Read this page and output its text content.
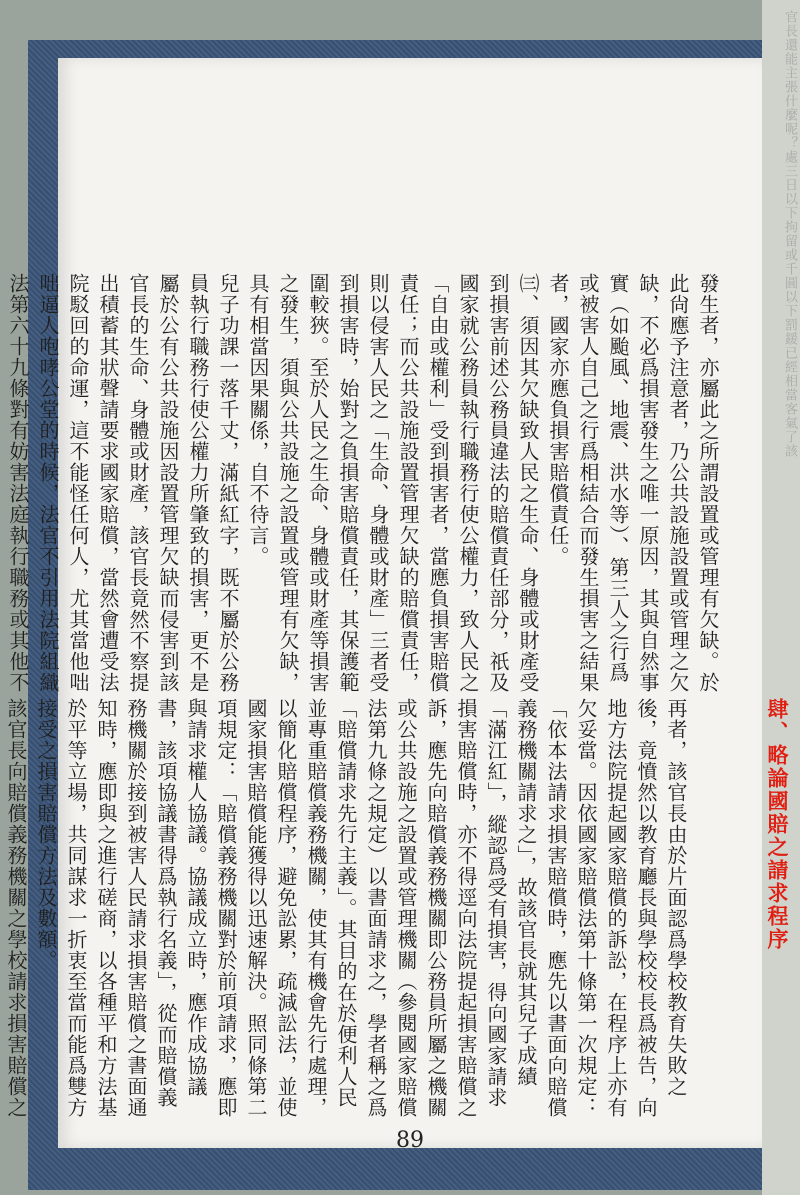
官長還能主張什麼呢？處三日以下拘留或千圓以下罰鍰已經相當客氣了該

發生者，亦屬此之所謂設置或管理有欠缺。於此尙應予注意者，乃公共設施設置或管理之欠缺，不必爲損害發生之唯一原因，其與自然事實（如颱風、地震、洪水等）、第三人之行爲或被害人自己之行爲相結合而發生損害之結果者，國家亦應負損害賠償責任。

㈢、須因其欠缺致人民之生命、身體或財產受到損害前述公務員違法的賠償責任部分，祇及國家就公務員執行職務行使公權力，致人民之「自由或權利」受到損害者，當應負損害賠償責任；而公共設施設置管理欠缺的賠償責任，則以侵害人民之「生命、身體或財產」三者受到損害時，始對之負損害賠償責任，其保護範圍較狹。至於人民之生命、身體或財產等損害之發生，須與公共設施之設置或管理有欠缺，具有相當因果關係，自不待言。

兒子功課一落千丈，滿紙紅字，既不屬於公務員執行職務行使公權力所肇致的損害，更不是屬於公有公共設施因設置管理欠缺而侵害到該官長的生命、身體或財產，該官長竟然不察提出積蓄其狀聲請要求國家賠償，當然會遭受法院駁回的命運，這不能怪任何人，尤其當他咄咄逼人咆哮公堂的時候，法官不引用法院組織法第六十九條對有妨害法庭執行職務或其他不

肆、略論國賠之請求程序

再者，該官長由於片面認爲學校教育失敗之後，竟憤然以教育廳長與學校校長爲被告，向地方法院提起國家賠償的訴訟，在程序上亦有欠妥當。因依國家賠償法第十條第一次規定：「依本法請求損害賠償時，應先以書面向賠償義務機關請求之」，故該官長就其兒子成績「滿江紅」，縱認爲受有損害，得向國家請求損害賠償時，亦不得逕向法院提起損害賠償之訴，應先向賠償義務機關即公務員所屬之機關或公共設施之設置或管理機關（參閱國家賠償法第九條之規定）以書面請求之，學者稱之爲「賠償請求先行主義」。其目的在於便利人民並專重賠償義務機關，使其有機會先行處理，以簡化賠償程序，避免訟累，疏減訟法，並使國家損害賠償能獲得以迅速解決。照同條第二項規定：「賠償義務機關對於前項請求，應即與請求權人協議。協議成立時，應作成協議書，該項協議書得爲執行名義」，從而賠償義務機關於接到被害人民請求損害賠償之書面通知時，應即與之進行磋商，以各種平和方法基於平等立場，共同謀求一折衷至當而能爲雙方接受之損害賠償方法及數額。

該官長向賠償義務機關之學校請求損害賠償之

89
